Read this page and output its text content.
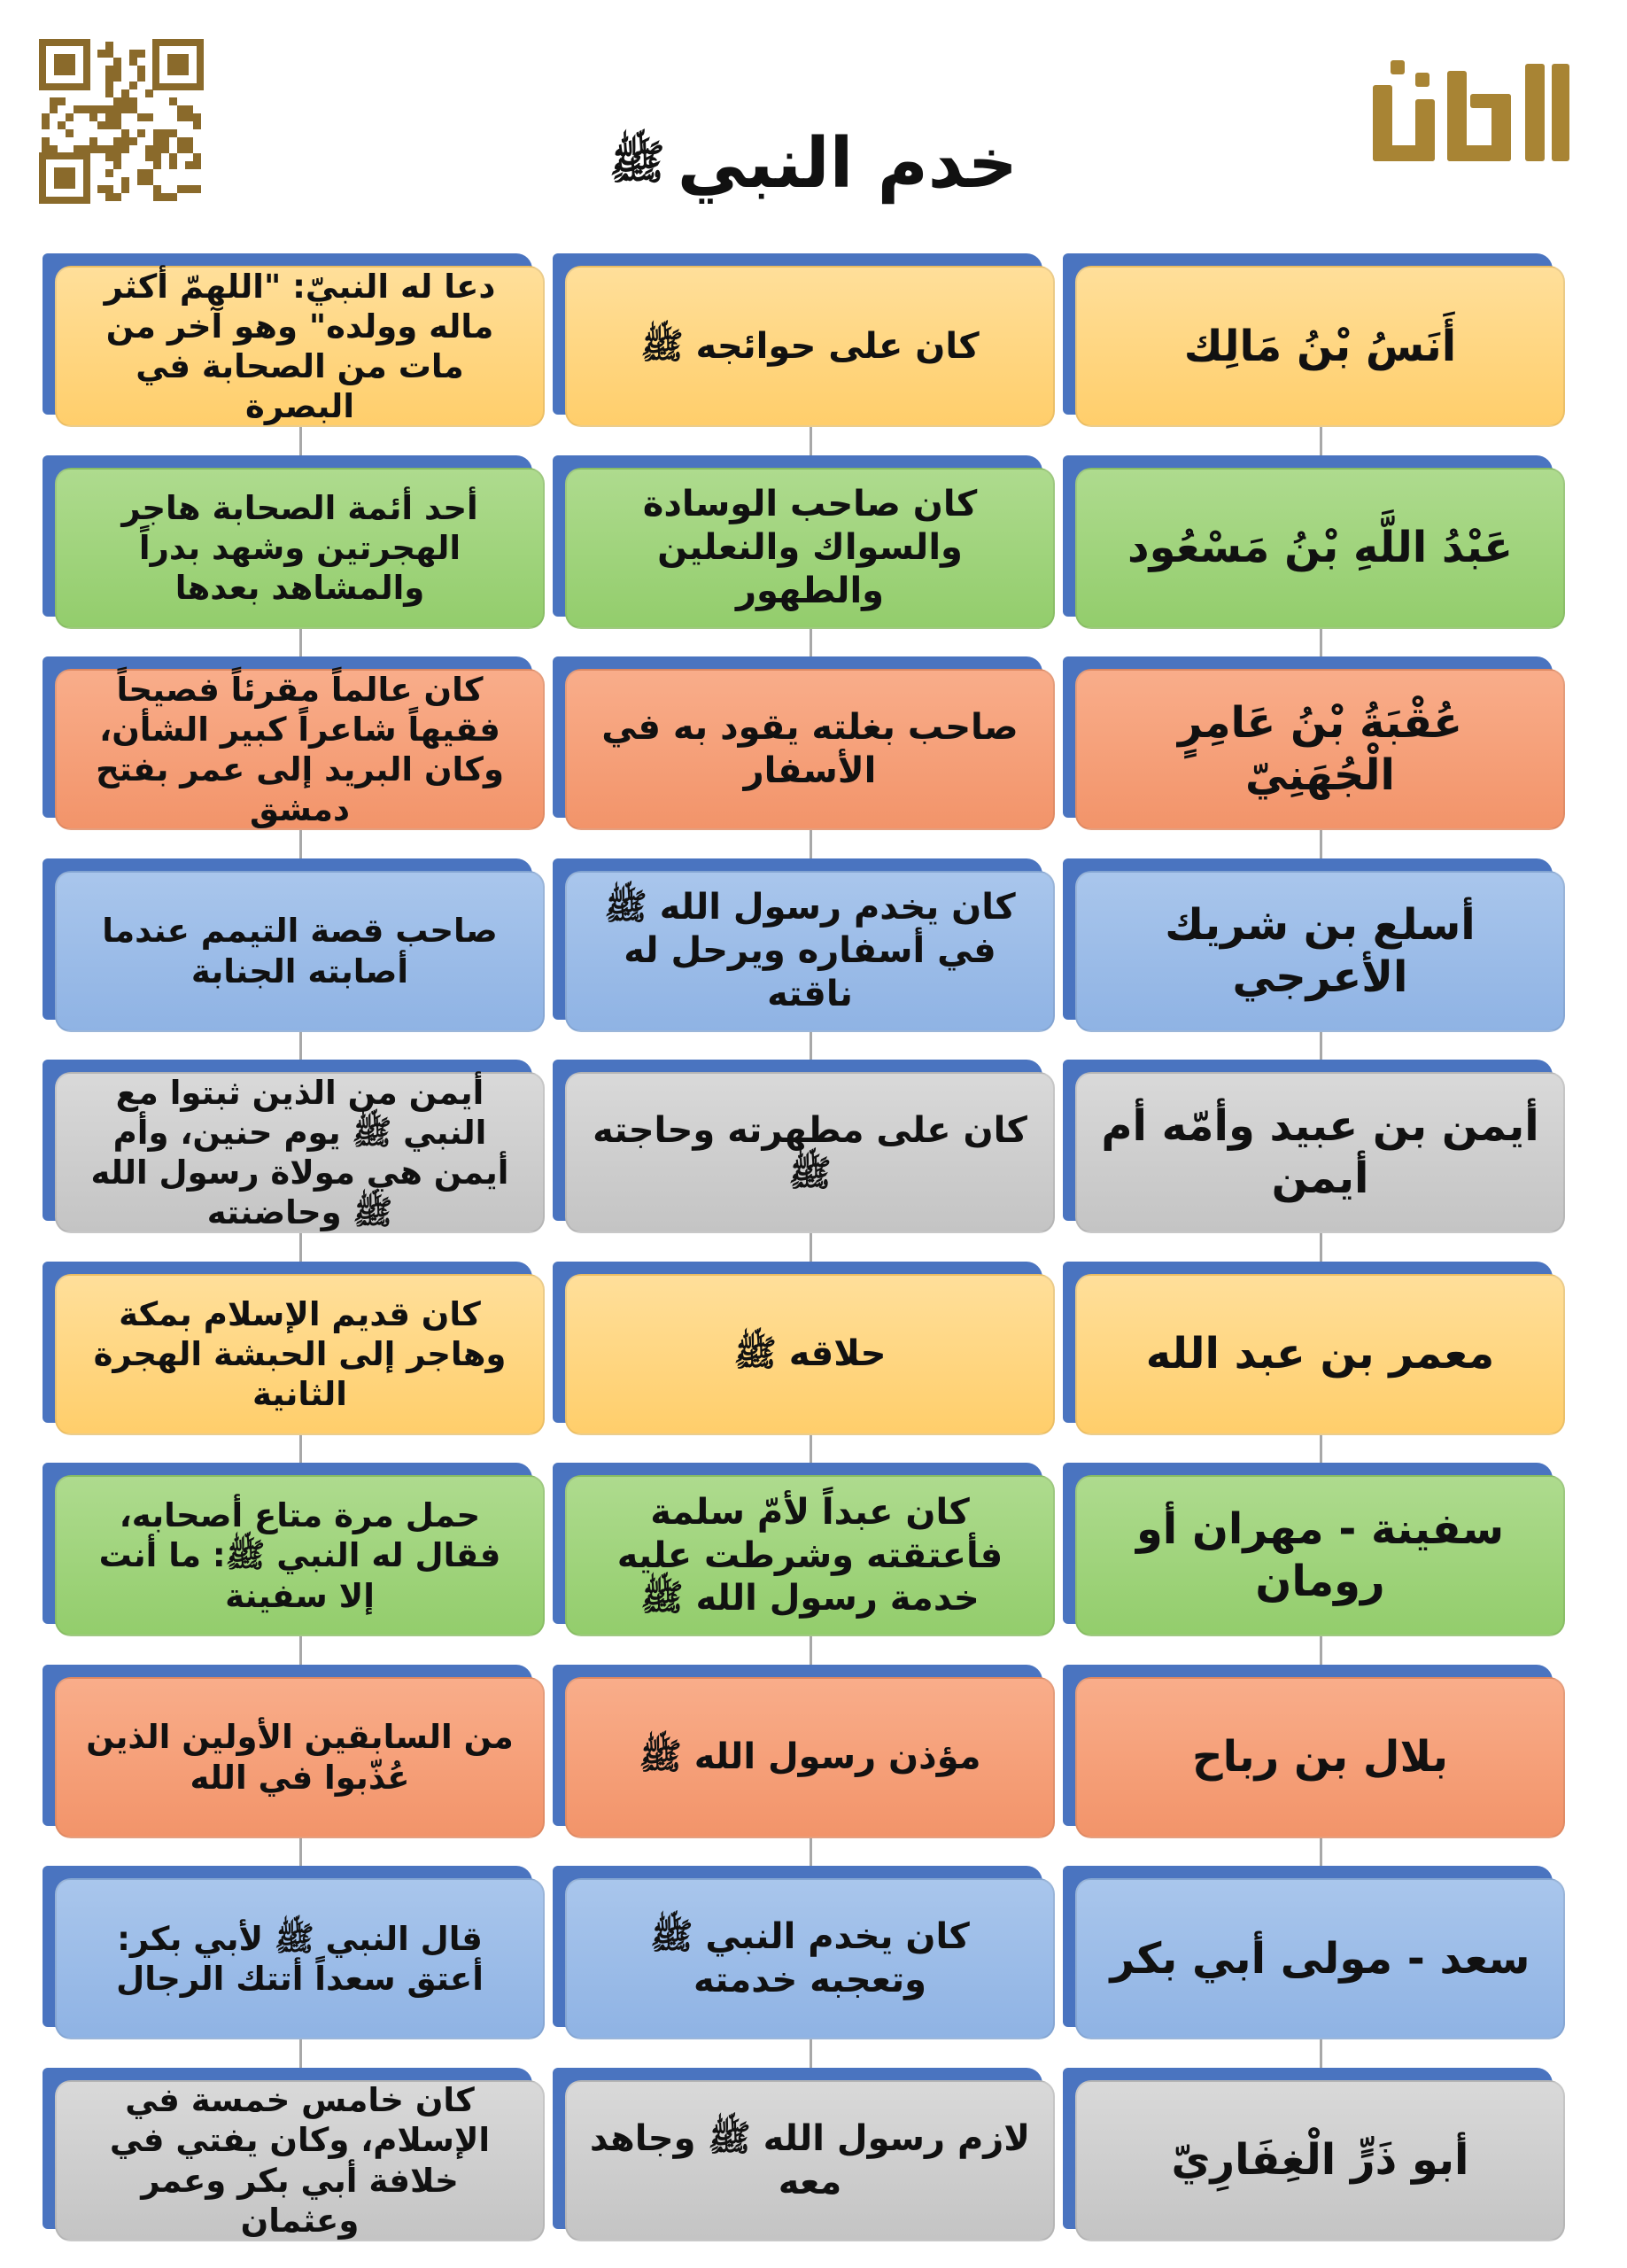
خدم النبيﷺ
أَنَسُ بْنُ مَالِك
كان على حوائجه ﷺ
دعا له النبيّ: "اللهمّ أكثر ماله وولده" وهو آخر من مات من الصحابة في البصرة
عَبْدُ اللَّهِ بْنُ مَسْعُود
كان صاحب الوسادة والسواك والنعلين والطهور
أحد أئمة الصحابة هاجر الهجرتين وشهد بدراً والمشاهد بعدها
عُقْبَةُ بْنُ عَامِرٍ الْجُهَنِيّ
صاحب بغلته يقود به في الأسفار
كان عالماً مقرئاً فصيحاً فقيهاً شاعراً كبير الشأن، وكان البريد إلى عمر بفتح دمشق
أسلع بن شريك الأعرجي
كان يخدم رسول الله ﷺ في أسفاره ويرحل له ناقته
صاحب قصة التيمم عندما أصابته الجنابة
أيمن بن عبيد وأمّه أم أيمن
كان على مطهرته وحاجته ﷺ
أيمن من الذين ثبتوا مع النبي ﷺ يوم حنين، وأم أيمن هي مولاة رسول الله ﷺ وحاضنته
معمر بن عبد الله
حلاقه ﷺ
كان قديم الإسلام بمكة وهاجر إلى الحبشة الهجرة الثانية
سفينة - مهران أو رومان
كان عبداً لأمّ سلمة فأعتقته وشرطت عليه خدمة رسول الله ﷺ
حمل مرة متاع أصحابه، فقال له النبي ﷺ: ما أنت إلا سفينة
بلال بن رباح
مؤذن رسول الله ﷺ
من السابقين الأولين الذين عُذّبوا في الله
سعد - مولى أبي بكر
كان يخدم النبي ﷺ وتعجبه خدمته
قال النبي ﷺ لأبي بكر: أعتق سعداً أتتك الرجال
أبو ذَرٍّ الْغِفَارِيّ
لازم رسول الله ﷺ وجاهد معه
كان خامس خمسة في الإسلام، وكان يفتي في خلافة أبي بكر وعمر وعثمان
